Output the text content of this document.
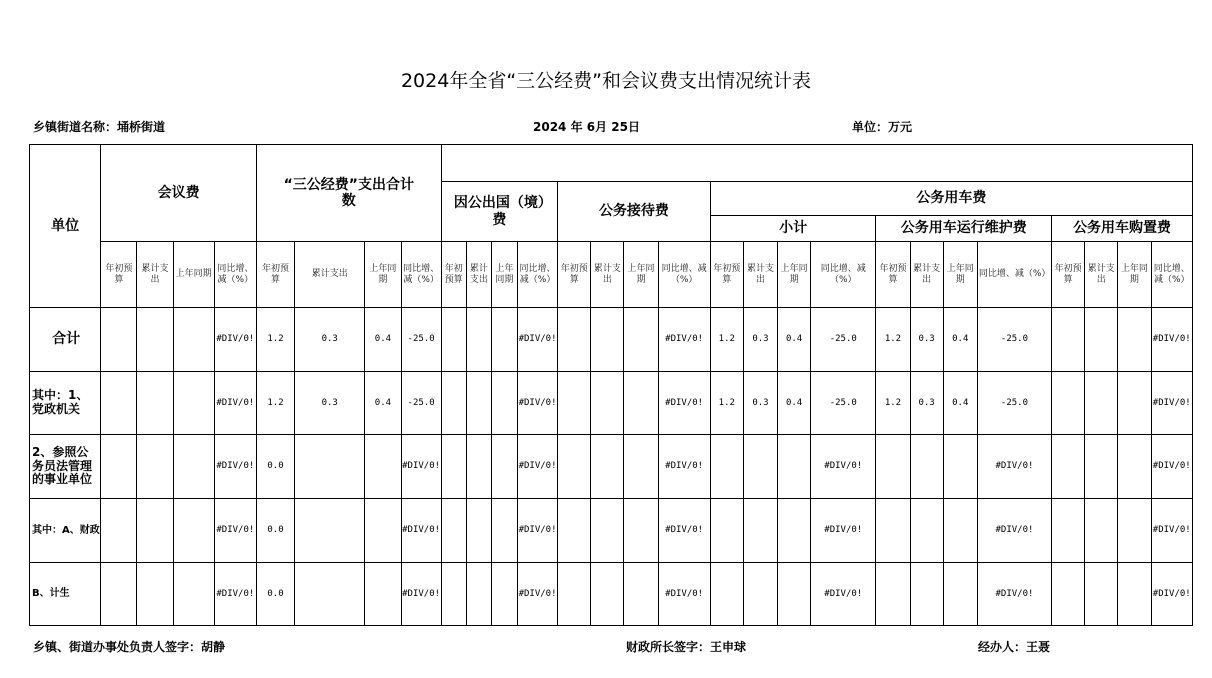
2024年全省“三公经费”和会议费支出情况统计表
乡镇街道名称：埇桥街道	2024 年 6月 25日	单位：万元
单位	会议费				“三公经费”支出合计数																							
									因公出国（境）费				公务接待费				公务用车费											
																	小计				公务用车运行维护费				公务用车购置费			
	年初预算	累计支出	上年同期	同比增、减（%）	年初预算	累计支出	上年同期	同比增、减（%）	年初预算	累计支出	上年同期	同比增、减（%）	年初预算	累计支出	上年同期	同比增、减（%）	年初预算	累计支出	上年同期	同比增、减（%）	年初预算	累计支出	上年同期	同比增、减（%）	年初预算	累计支出	上年同期	同比增、减（%）
合计				#DIV/0!	1.2	0.3	0.4	-25.0				#DIV/0!				#DIV/0!	1.2	0.3	0.4	-25.0	1.2	0.3	0.4	-25.0				#DIV/0!
其中：1、党政机关				#DIV/0!	1.2	0.3	0.4	-25.0				#DIV/0!				#DIV/0!	1.2	0.3	0.4	-25.0	1.2	0.3	0.4	-25.0				#DIV/0!
2、参照公务员法管理的事业单位				#DIV/0!	0.0			#DIV/0!				#DIV/0!				#DIV/0!				#DIV/0!				#DIV/0!				#DIV/0!
其中：A、财政				#DIV/0!	0.0			#DIV/0!				#DIV/0!				#DIV/0!				#DIV/0!				#DIV/0!				#DIV/0!
B、计生				#DIV/0!	0.0			#DIV/0!				#DIV/0!				#DIV/0!				#DIV/0!				#DIV/0!				#DIV/0!
乡镇、街道办事处负责人签字：胡静	财政所长签字：王申球	经办人：王聂
